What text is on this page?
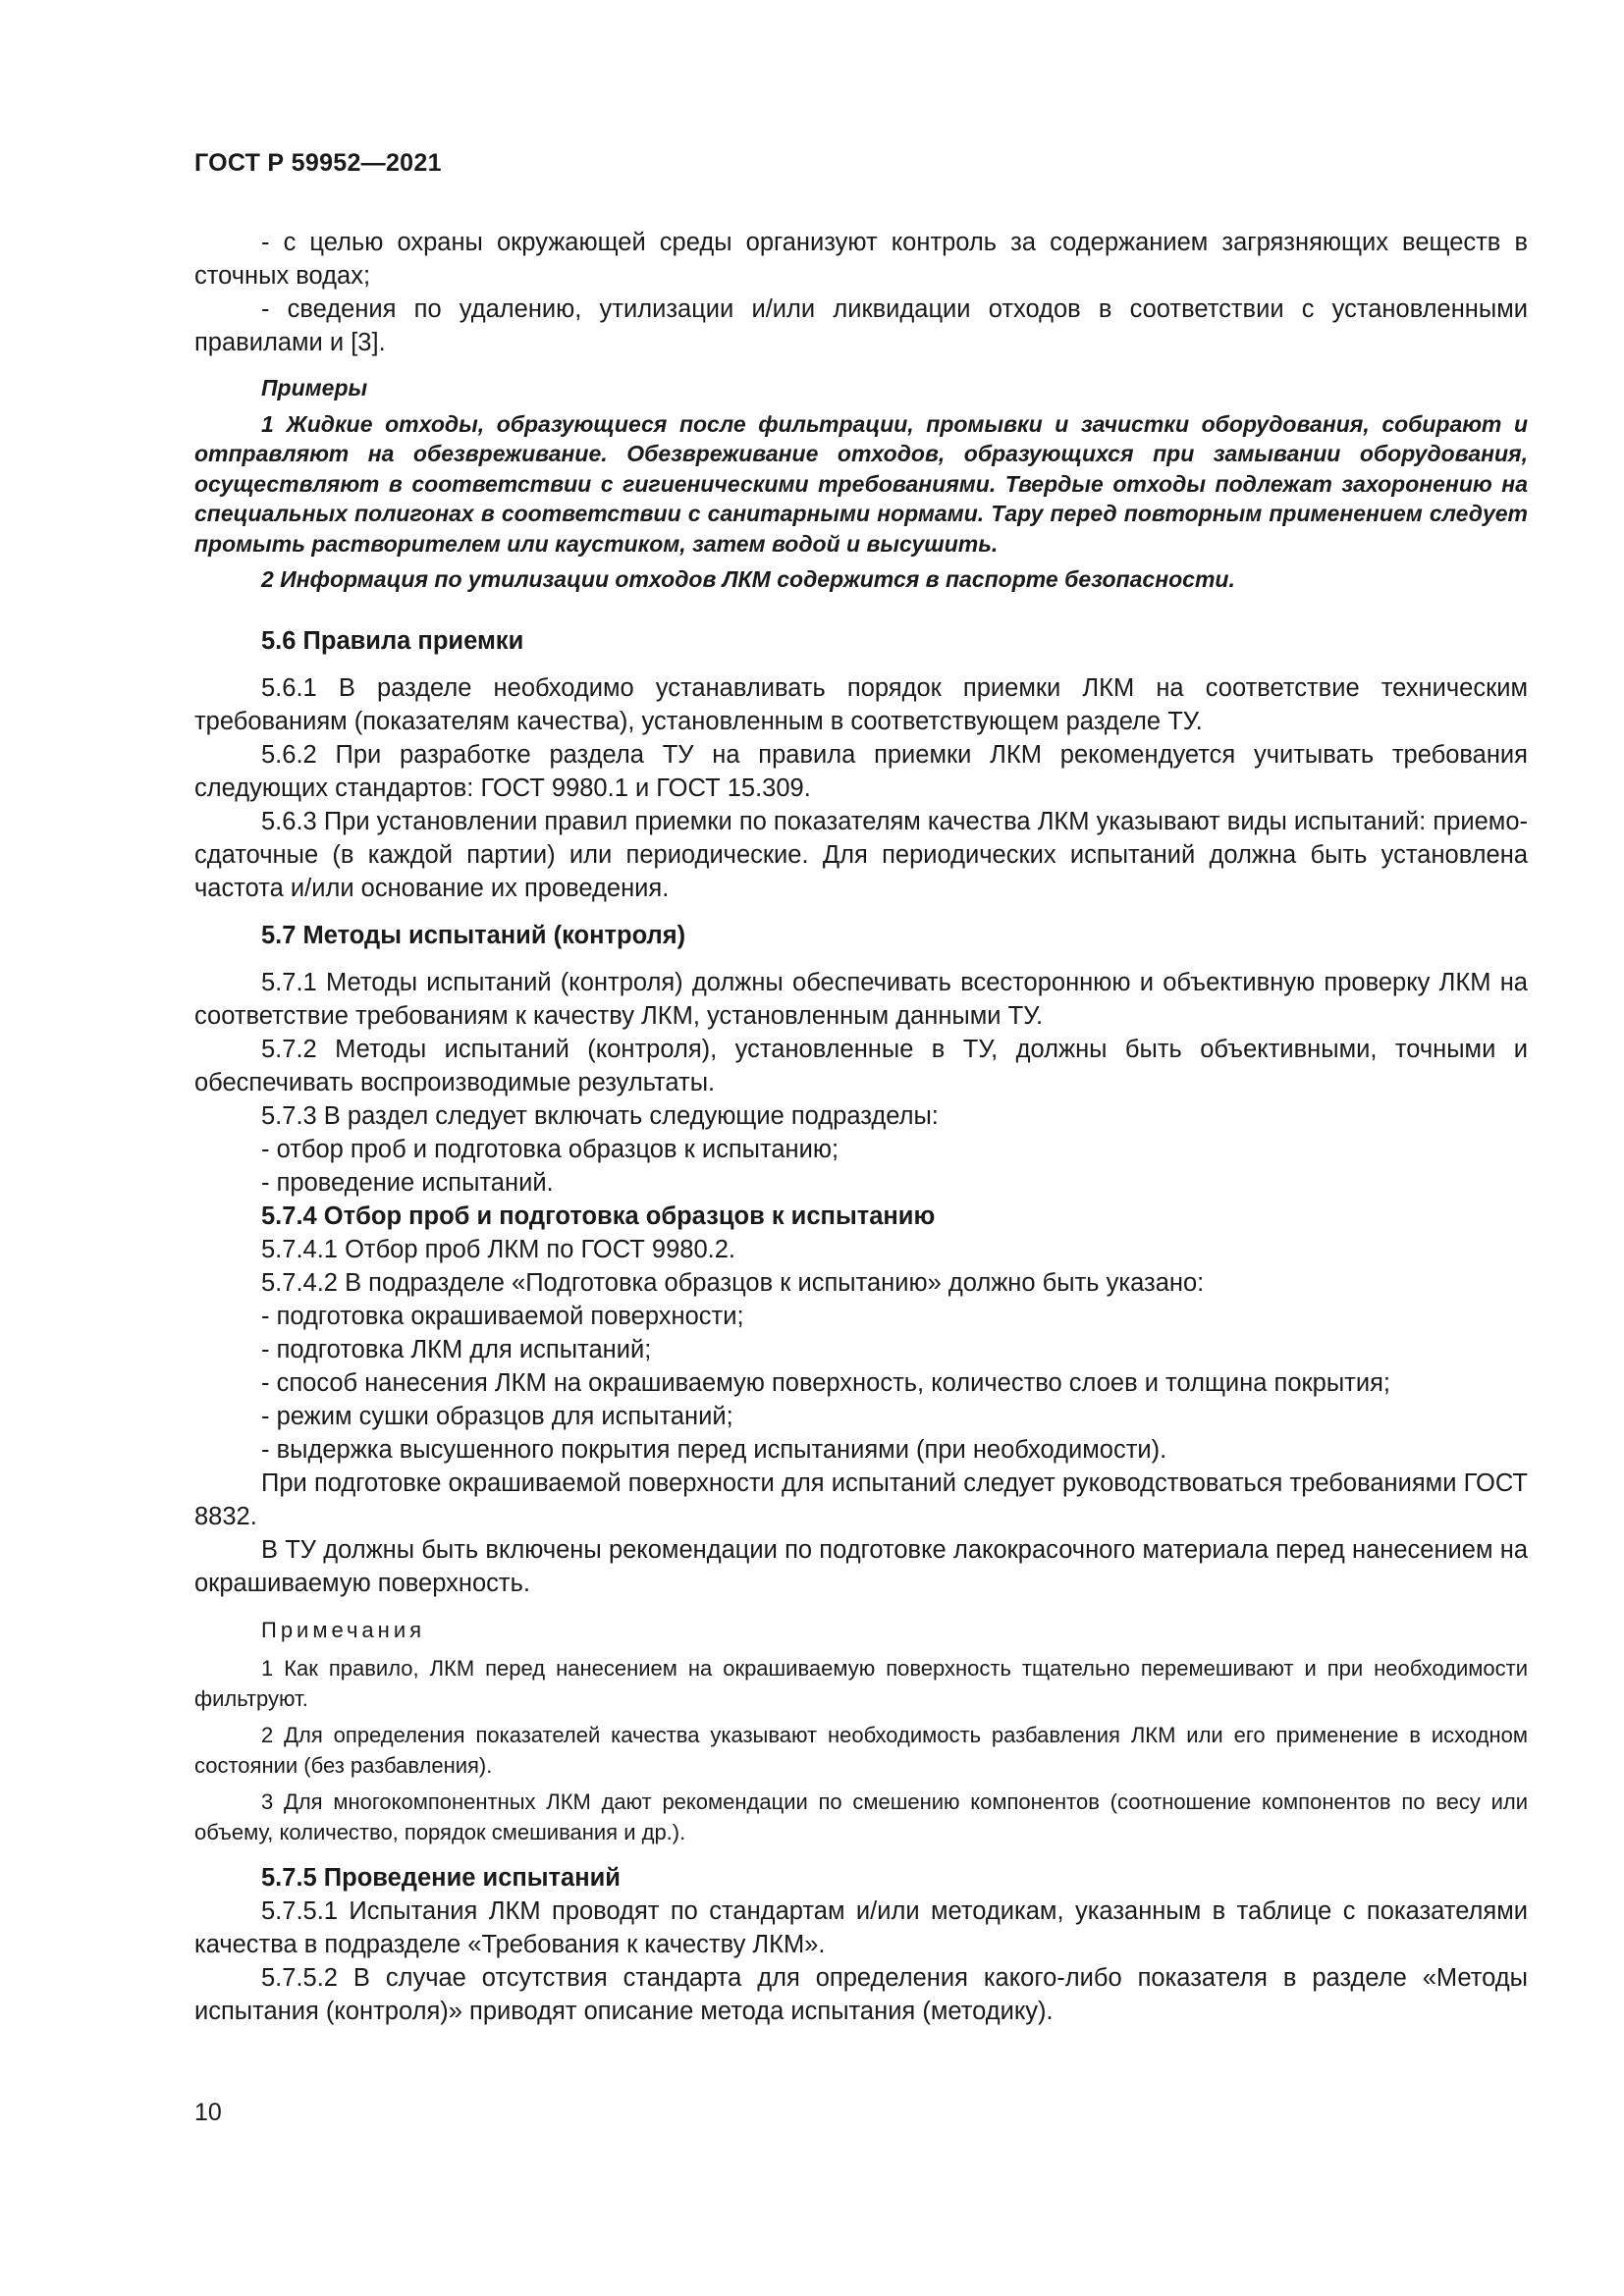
ГОСТ Р 59952—2021

- с целью охраны окружающей среды организуют контроль за содержанием загрязняющих веществ в сточных водах;

- сведения по удалению, утилизации и/или ликвидации отходов в соответствии с установленными правилами и [3].

Примеры

1 Жидкие отходы, образующиеся после фильтрации, промывки и зачистки оборудования, собирают и отправляют на обезвреживание. Обезвреживание отходов, образующихся при замывании оборудования, осуществляют в соответствии с гигиеническими требованиями. Твердые отходы подлежат захоронению на специальных полигонах в соответствии с санитарными нормами. Тару перед повторным применением следует промыть растворителем или каустиком, затем водой и высушить.

2 Информация по утилизации отходов ЛКМ содержится в паспорте безопасности.

5.6 Правила приемки

5.6.1 В разделе необходимо устанавливать порядок приемки ЛКМ на соответствие техническим требованиям (показателям качества), установленным в соответствующем разделе ТУ.

5.6.2 При разработке раздела ТУ на правила приемки ЛКМ рекомендуется учитывать требования следующих стандартов: ГОСТ 9980.1 и ГОСТ 15.309.

5.6.3 При установлении правил приемки по показателям качества ЛКМ указывают виды испытаний: приемо-сдаточные (в каждой партии) или периодические. Для периодических испытаний должна быть установлена частота и/или основание их проведения.

5.7 Методы испытаний (контроля)

5.7.1 Методы испытаний (контроля) должны обеспечивать всестороннюю и объективную проверку ЛКМ на соответствие требованиям к качеству ЛКМ, установленным данными ТУ.

5.7.2 Методы испытаний (контроля), установленные в ТУ, должны быть объективными, точными и обеспечивать воспроизводимые результаты.

5.7.3 В раздел следует включать следующие подразделы:

- отбор проб и подготовка образцов к испытанию;

- проведение испытаний.

5.7.4 Отбор проб и подготовка образцов к испытанию

5.7.4.1 Отбор проб ЛКМ по ГОСТ 9980.2.

5.7.4.2 В подразделе «Подготовка образцов к испытанию» должно быть указано:

- подготовка окрашиваемой поверхности;

- подготовка ЛКМ для испытаний;

- способ нанесения ЛКМ на окрашиваемую поверхность, количество слоев и толщина покрытия;

- режим сушки образцов для испытаний;

- выдержка высушенного покрытия перед испытаниями (при необходимости).

При подготовке окрашиваемой поверхности для испытаний следует руководствоваться требованиями ГОСТ 8832.

В ТУ должны быть включены рекомендации по подготовке лакокрасочного материала перед нанесением на окрашиваемую поверхность.

Примечания

1 Как правило, ЛКМ перед нанесением на окрашиваемую поверхность тщательно перемешивают и при необходимости фильтруют.

2 Для определения показателей качества указывают необходимость разбавления ЛКМ или его применение в исходном состоянии (без разбавления).

3 Для многокомпонентных ЛКМ дают рекомендации по смешению компонентов (соотношение компонентов по весу или объему, количество, порядок смешивания и др.).

5.7.5 Проведение испытаний

5.7.5.1 Испытания ЛКМ проводят по стандартам и/или методикам, указанным в таблице с показателями качества в подразделе «Требования к качеству ЛКМ».

5.7.5.2 В случае отсутствия стандарта для определения какого-либо показателя в разделе «Методы испытания (контроля)» приводят описание метода испытания (методику).

10
